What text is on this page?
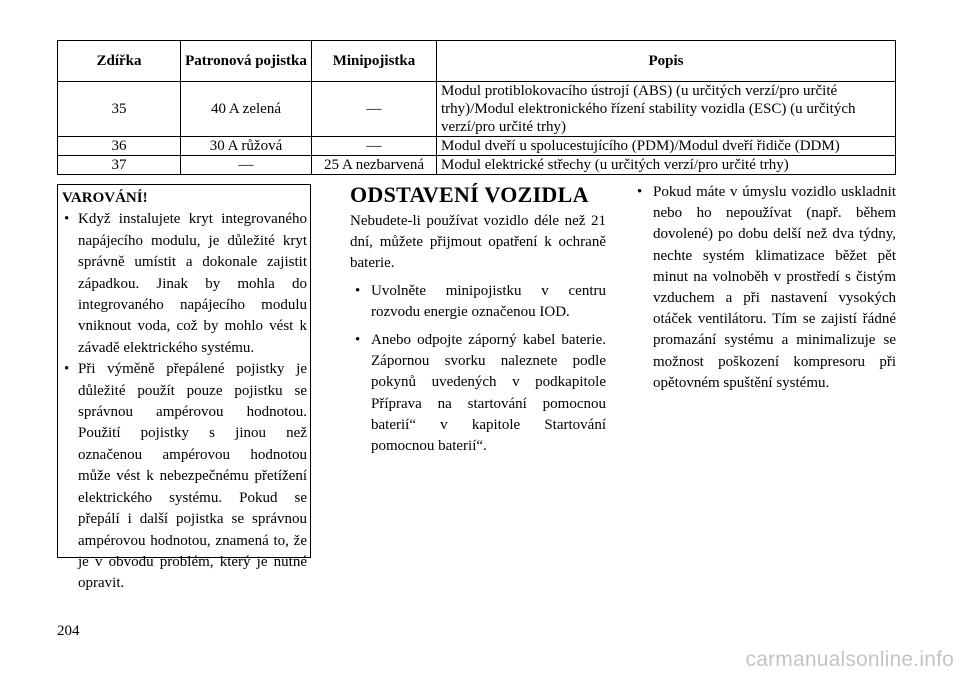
Zdířka	Patronová pojistka	Minipojistka	Popis
35	40 A zelená	—	Modul protiblokovacího ústrojí (ABS) (u určitých verzí/pro určité trhy)/Modul elektronického řízení stability vozidla (ESC) (u určitých verzí/pro určité trhy)
36	30 A růžová	—	Modul dveří u spolucestujícího (PDM)/Modul dveří řidiče (DDM)
37	—	25 A nezbarvená	Modul elektrické střechy (u určitých verzí/pro určité trhy)
VAROVÁNÍ!
• Když instalujete kryt integrovaného napájecího modulu, je důležité kryt správně umístit a dokonale zajistit západkou. Jinak by mohla do integrovaného napájecího modulu vniknout voda, což by mohlo vést k závadě elektrického systému.
• Při výměně přepálené pojistky je důležité použít pouze pojistku se správnou ampérovou hodnotou. Použití pojistky s jinou než označenou ampérovou hodnotou může vést k nebezpečnému přetížení elektrického systému. Pokud se přepálí i další pojistka se správnou ampérovou hodnotou, znamená to, že je v obvodu problém, který je nutné opravit.
ODSTAVENÍ VOZIDLA

Nebudete-li používat vozidlo déle než 21 dní, můžete přijmout opatření k ochraně baterie.

• Uvolněte minipojistku v centru rozvodu energie označenou IOD.
• Anebo odpojte záporný kabel baterie. Zápornou svorku naleznete podle pokynů uvedených v podkapitole Příprava na startování pomocnou baterií“ v kapitole Startování pomocnou baterií“.
• Pokud máte v úmyslu vozidlo uskladnit nebo ho nepoužívat (např. během dovolené) po dobu delší než dva týdny, nechte systém klimatizace běžet pět minut na volnoběh v prostředí s čistým vzduchem a při nastavení vysokých otáček ventilátoru. Tím se zajistí řádné promazání systému a minimalizuje se možnost poškození kompresoru při opětovném spuštění systému.
204
carmanualsonline.info
